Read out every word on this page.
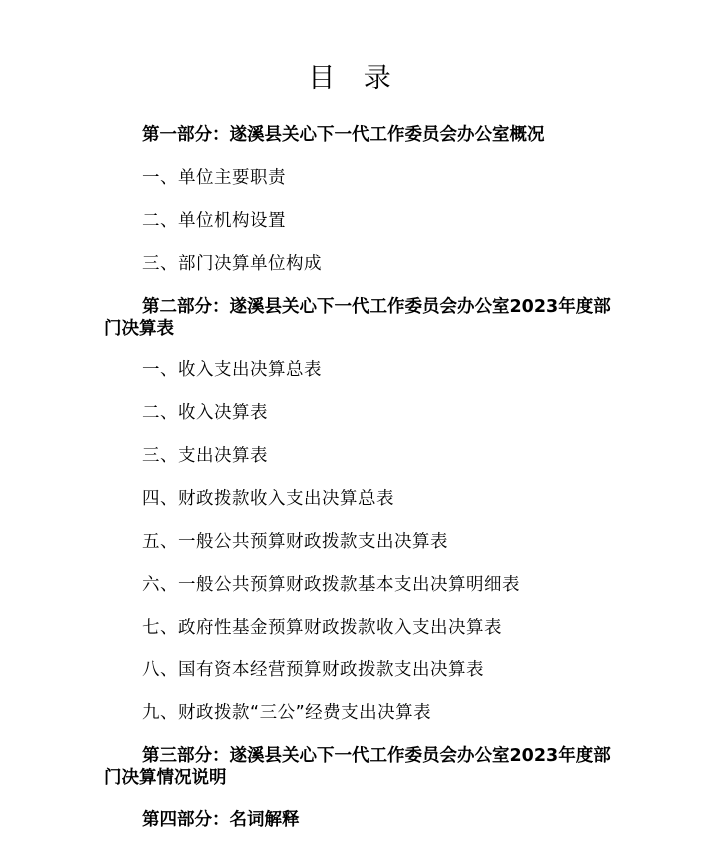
目 录
第一部分：遂溪县关心下一代工作委员会办公室概况
一、单位主要职责
二、单位机构设置
三、部门决算单位构成
第二部分：遂溪县关心下一代工作委员会办公室2023年度部门决算表
一、收入支出决算总表
二、收入决算表
三、支出决算表
四、财政拨款收入支出决算总表
五、一般公共预算财政拨款支出决算表
六、一般公共预算财政拨款基本支出决算明细表
七、政府性基金预算财政拨款收入支出决算表
八、国有资本经营预算财政拨款支出决算表
九、财政拨款“三公”经费支出决算表
第三部分：遂溪县关心下一代工作委员会办公室2023年度部门决算情况说明
第四部分：名词解释
